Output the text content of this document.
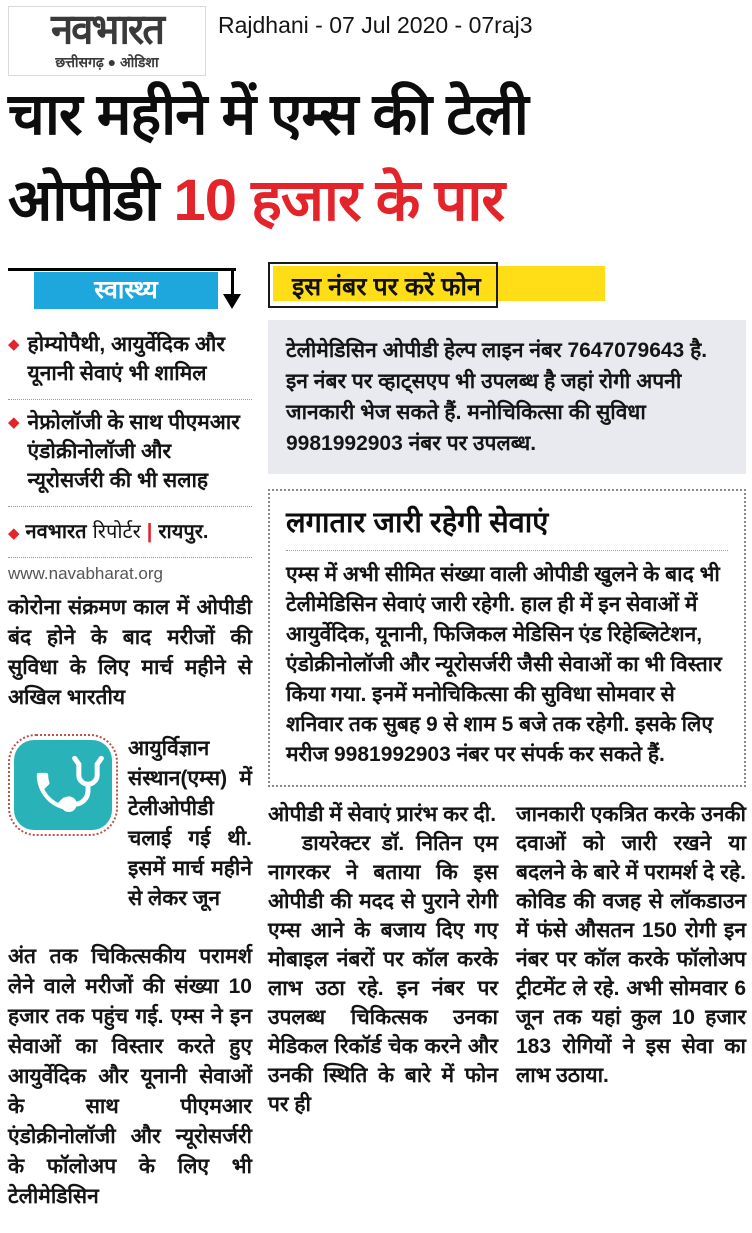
नवभारत
छत्तीसगढ़ ● ओडिशा
Rajdhani - 07 Jul 2020 - 07raj3
चार महीने में एम्स की टेली
ओपीडी 10 हजार के पार
स्वास्थ्य
◆ होम्योपैथी, आयुर्वेदिक और यूनानी सेवाएं भी शामिल
◆ नेफ्रोलॉजी के साथ पीएमआर एंडोक्रीनोलॉजी और न्यूरोसर्जरी की भी सलाह
◆ नवभारत रिपोर्टर | रायपुर.
www.navabharat.org

कोरोना संक्रमण काल में ओपीडी बंद होने के बाद मरीजों की सुविधा के लिए मार्च महीने से अखिल भारतीय

आयुर्विज्ञान संस्थान(एम्स) में टेलीओपीडी चलाई गई थी. इसमें मार्च महीने से लेकर जून

अंत तक चिकित्सकीय परामर्श लेने वाले मरीजों की संख्या 10 हजार तक पहुंच गई. एम्स ने इन सेवाओं का विस्तार करते हुए आयुर्वेदिक और यूनानी सेवाओं के साथ पीएमआर एंडोक्रीनोलॉजी और न्यूरोसर्जरी के फॉलोअप के लिए भी टेलीमेडिसिन

इस नंबर पर करें फोन
टेलीमेडिसिन ओपीडी हेल्प लाइन नंबर 7647079643 है. इन नंबर पर व्हाट्सएप भी उपलब्ध है जहां रोगी अपनी जानकारी भेज सकते हैं. मनोचिकित्सा की सुविधा 9981992903 नंबर पर उपलब्ध.
लगातार जारी रहेगी सेवाएं
एम्स में अभी सीमित संख्या वाली ओपीडी खुलने के बाद भी टेलीमेडिसिन सेवाएं जारी रहेगी. हाल ही में इन सेवाओं में आयुर्वेदिक, यूनानी, फिजिकल मेडिसिन एंड रिहेब्लिटेशन, एंडोक्रीनोलॉजी और न्यूरोसर्जरी जैसी सेवाओं का भी विस्तार किया गया. इनमें मनोचिकित्सा की सुविधा सोमवार से शनिवार तक सुबह 9 से शाम 5 बजे तक रहेगी. इसके लिए मरीज 9981992903 नंबर पर संपर्क कर सकते हैं.

ओपीडी में सेवाएं प्रारंभ कर दी.

डायरेक्टर डॉ. नितिन एम नागरकर ने बताया कि इस ओपीडी की मदद से पुराने रोगी एम्स आने के बजाय दिए गए मोबाइल नंबरों पर कॉल करके लाभ उठा रहे. इन नंबर पर उपलब्ध चिकित्सक उनका मेडिकल रिकॉर्ड चेक करने और उनकी स्थिति के बारे में फोन पर ही

जानकारी एकत्रित करके उनकी दवाओं को जारी रखने या बदलने के बारे में परामर्श दे रहे. कोविड की वजह से लॉकडाउन में फंसे औसतन 150 रोगी इन नंबर पर कॉल करके फॉलोअप ट्रीटमेंट ले रहे. अभी सोमवार 6 जून तक यहां कुल 10 हजार 183 रोगियों ने इस सेवा का लाभ उठाया.
